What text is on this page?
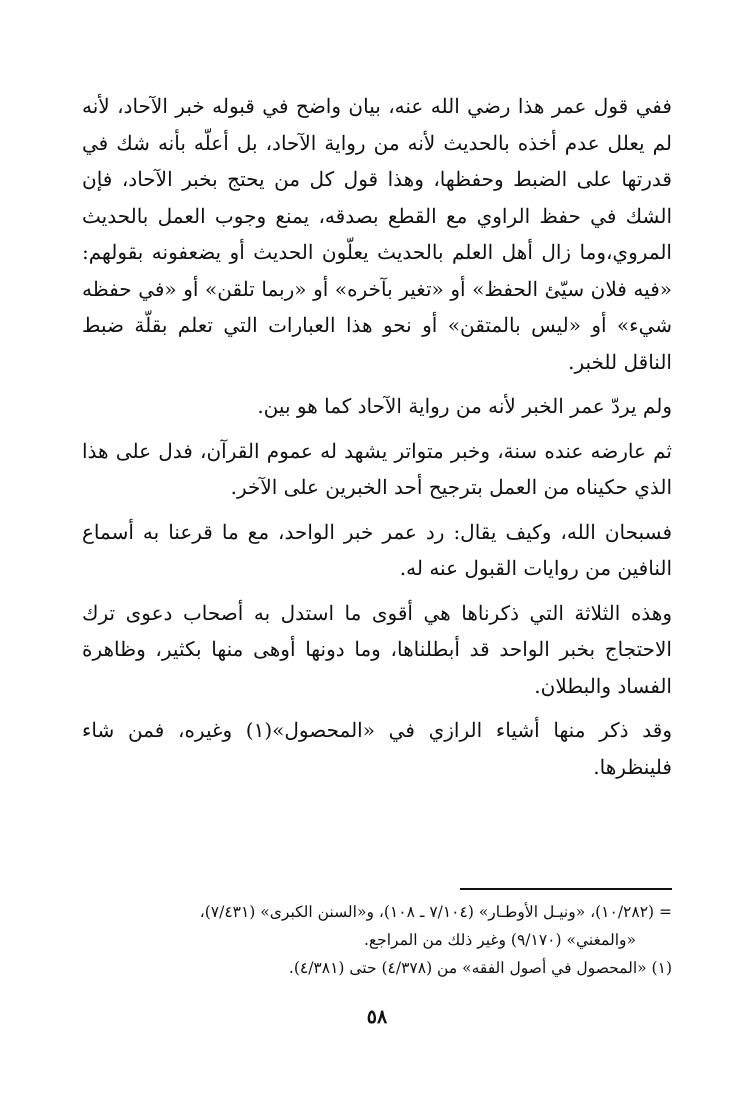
ففي قول عمر هذا رضي الله عنه، بيان واضح في قبوله خبر الآحاد، لأنه لم يعلل عدم أخذه بالحديث لأنه من رواية الآحاد، بل أعلّه بأنه شك في قدرتها على الضبط وحفظها، وهذا قول كل من يحتج بخبر الآحاد، فإن الشك في حفظ الراوي مع القطع بصدقه، يمنع وجوب العمل بالحديث المروي،وما زال أهل العلم بالحديث يعلّون الحديث أو يضعفونه بقولهم: «فيه فلان سيّئ الحفظ» أو «تغير بآخره» أو «ربما تلقن» أو «في حفظه شيء» أو «ليس بالمتقن» أو نحو هذا العبارات التي تعلم بقلّة ضبط الناقل للخبر.

ولم يردّ عمر الخبر لأنه من رواية الآحاد كما هو بين.

ثم عارضه عنده سنة، وخبر متواتر يشهد له عموم القرآن، فدل على هذا الذي حكيناه من العمل بترجيح أحد الخبرين على الآخر.

فسبحان الله، وكيف يقال: رد عمر خبر الواحد، مع ما قرعنا به أسماع النافين من روايات القبول عنه له.

وهذه الثلاثة التي ذكرناها هي أقوى ما استدل به أصحاب دعوى ترك الاحتجاج بخبر الواحد قد أبطلناها، وما دونها أوهى منها بكثير، وظاهرة الفساد والبطلان.

وقد ذكر منها أشياء الرازي في «المحصول»(١) وغيره، فمن شاء فلينظرها.

= (١٠/٢٨٢)، «ونيـل الأوطـار» (٧/١٠٤ ـ ١٠٨)، و«السنن الكبرى» (٧/٤٣١)،

«والمغني» (٩/١٧٠) وغير ذلك من المراجع.

(١) «المحصول في أصول الفقه» من (٤/٣٧٨) حتى (٤/٣٨١).

٥٨
